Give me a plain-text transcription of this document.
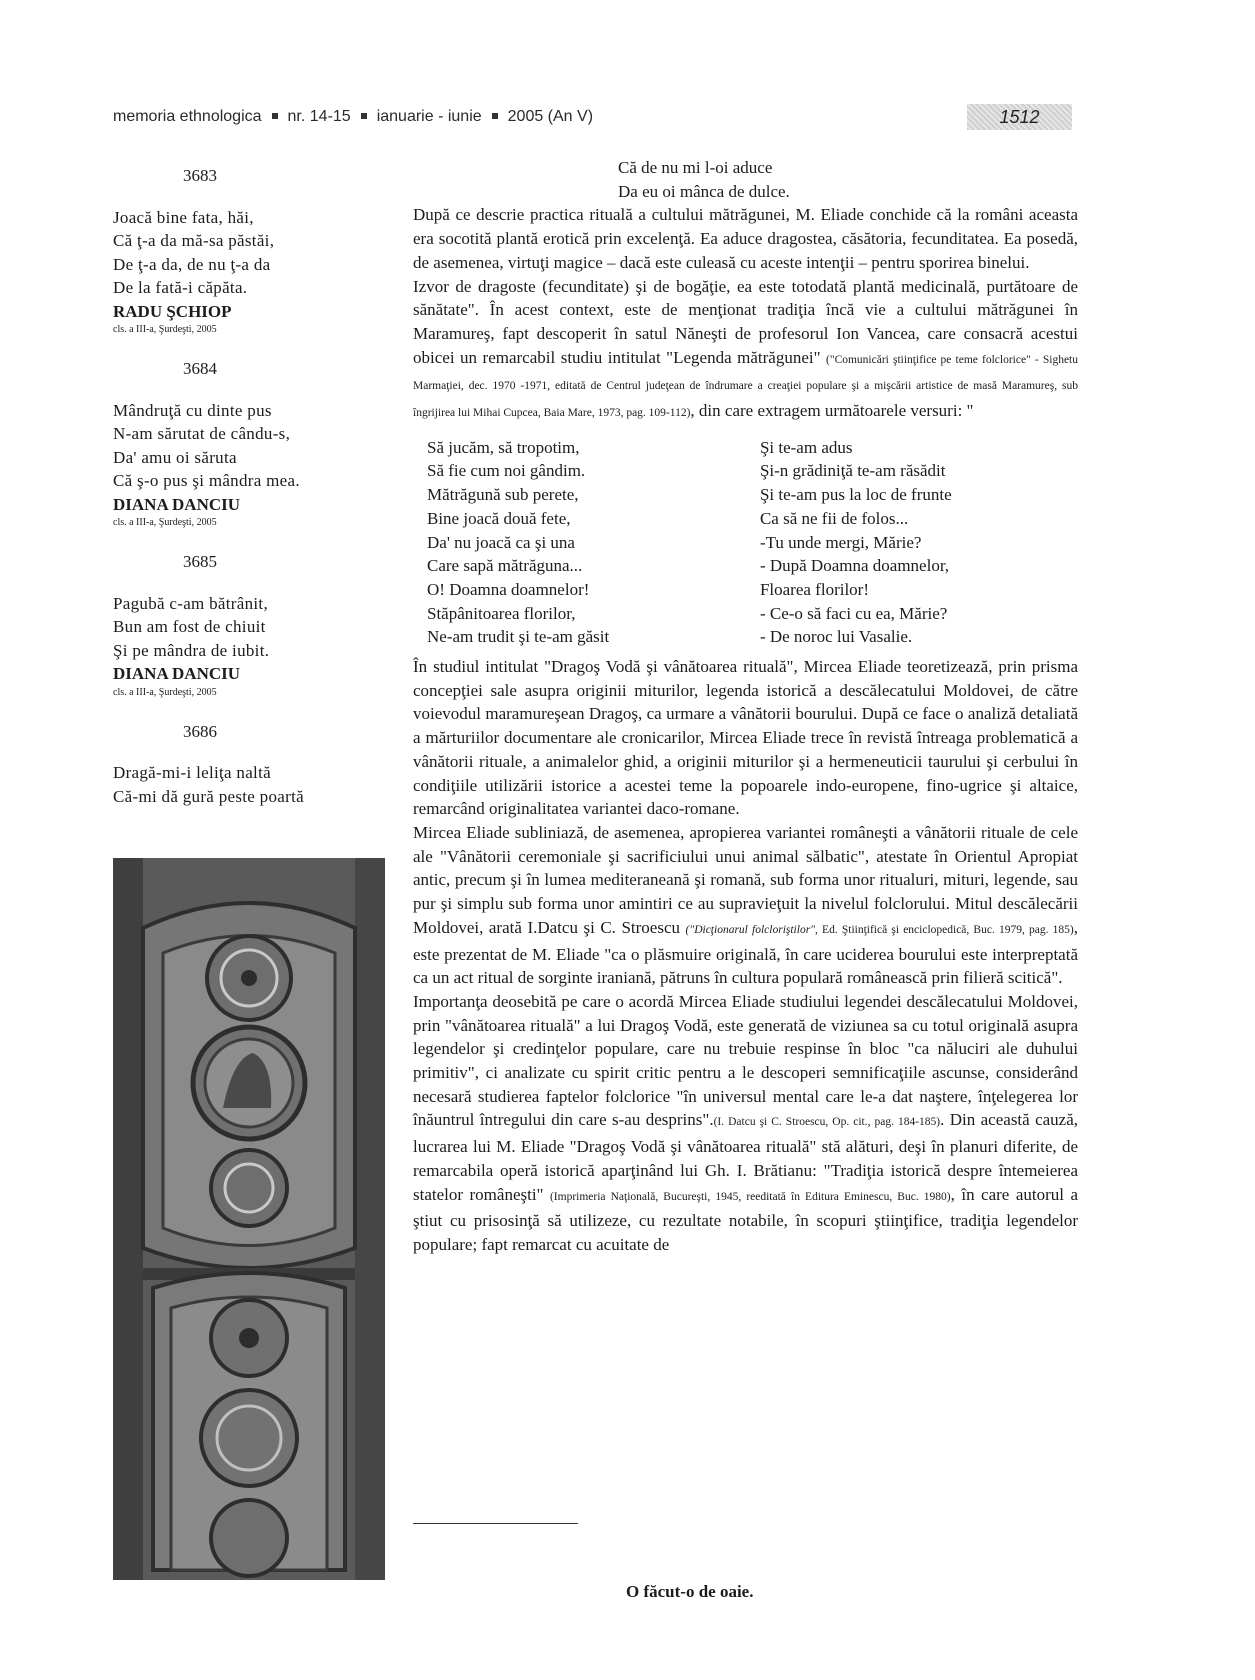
memoria ethnologica nr. 14-15 ianuarie - iunie 2005 (An V)	1512
3683
Joacă bine fata, hăi,
Că ţ-a da mă-sa păstăi,
De ţ-a da, de nu ţ-a da
De la fată-i căpăta.
RADU ŞCHIOP
cls. a III-a, Şurdeşti, 2005
3684
Mândruţă cu dinte pus
N-am sărutat de cându-s,
Da' amu oi săruta
Că ş-o pus şi mândra mea.
DIANA DANCIU
cls. a III-a, Şurdeşti, 2005
3685
Pagubă c-am bătrânit,
Bun am fost de chiuit
Şi pe mândra de iubit.
DIANA DANCIU
cls. a III-a, Şurdeşti, 2005
3686
Dragă-mi-i leliţa naltă
Că-mi dă gură peste poartă
Că de nu mi l-oi aduce
Da eu oi mânca de dulce.

După ce descrie practica rituală a cultului mătrăgunei, M. Eliade conchide că la români aceasta era socotită plantă erotică prin excelenţă. Ea aduce dragostea, căsătoria, fecunditatea. Ea posedă, de asemenea, virtuţi magice – dacă este culeasă cu aceste intenţii – pentru sporirea binelui.

Izvor de dragoste (fecunditate) şi de bogăţie, ea este totodată plantă medicinală, purtătoare de sănătate". În acest context, este de menţionat tradiţia încă vie a cultului mătrăgunei în Maramureş, fapt descoperit în satul Năneşti de profesorul Ion Vancea, care consacră acestui obicei un remarcabil studiu intitulat "Legenda mătrăgunei" ("Comunicări ştiinţifice pe teme folclorice" - Sighetu Marmaţiei, dec. 1970 -1971, editată de Centrul judeţean de îndrumare a creaţiei populare şi a mişcării artistice de masă Maramureş, sub îngrijirea lui Mihai Cupcea, Baia Mare, 1973, pag. 109-112), din care extragem următoarele versuri: "

Să jucăm, să tropotim,
Să fie cum noi gândim.
Mătrăgună sub perete,
Bine joacă două fete,
Da' nu joacă ca şi una
Care sapă mătrăguna...
O! Doamna doamnelor!
Stăpânitoarea florilor,
Ne-am trudit şi te-am găsit
Şi te-am adus
Şi-n grădiniţă te-am răsădit
Şi te-am pus la loc de frunte
Ca să ne fii de folos...
-Tu unde mergi, Mărie?
- După Doamna doamnelor,
Floarea florilor!
- Ce-o să faci cu ea, Mărie?
- De noroc lui Vasalie.

În studiul intitulat "Dragoş Vodă şi vânătoarea rituală", Mircea Eliade teoretizează, prin prisma concepţiei sale asupra originii miturilor, legenda istorică a descălecatului Moldovei, de către voievodul maramureşean Dragoş, ca urmare a vânătorii bourului. După ce face o analiză detaliată a mărturiilor documentare ale cronicarilor, Mircea Eliade trece în revistă întreaga problematică a vânătorii rituale, a animalelor ghid, a originii miturilor şi a hermeneuticii taurului şi cerbului în condiţiile utilizării istorice a acestei teme la popoarele indo-europene, fino-ugrice şi altaice, remarcând originalitatea variantei daco-romane.

Mircea Eliade subliniază, de asemenea, apropierea variantei româneşti a vânătorii rituale de cele ale "Vânătorii ceremoniale şi sacrificiului unui animal sălbatic", atestate în Orientul Apropiat antic, precum şi în lumea mediteraneană şi romană, sub forma unor ritualuri, mituri, legende, sau pur şi simplu sub forma unor amintiri ce au supravieţuit la nivelul folclorului. Mitul descălecării Moldovei, arată I.Datcu şi C. Stroescu ("Dicţionarul folcloriştilor", Ed. Ştiinţifică şi enciclopedică, Buc. 1979, pag. 185), este prezentat de M. Eliade "ca o plăsmuire originală, în care uciderea bourului este interpreptată ca un act ritual de sorginte iraniană, pătruns în cultura populară românească prin filieră scitică".

Importanţa deosebită pe care o acordă Mircea Eliade studiului legendei descălecatului Moldovei, prin "vânătoarea rituală" a lui Dragoş Vodă, este generată de viziunea sa cu totul originală asupra legendelor şi credinţelor populare, care nu trebuie respinse în bloc "ca năluciri ale duhului primitiv", ci analizate cu spirit critic pentru a le descoperi semnificaţiile ascunse, considerând necesară studierea faptelor folclorice "în universul mental care le-a dat naştere, înţelegerea lor înăuntrul întregului din care s-au desprins".(I. Datcu şi C. Stroescu, Op. cit., pag. 184-185). Din această cauză, lucrarea lui M. Eliade "Dragoş Vodă şi vânătoarea rituală" stă alături, deşi în planuri diferite, de remarcabila operă istorică aparţinând lui Gh. I. Brătianu: "Tradiţia istorică despre întemeierea statelor româneşti" (Imprimeria Naţională, Bucureşti, 1945, reeditată în Editura Eminescu, Buc. 1980), în care autorul a ştiut cu prisosinţă să utilizeze, cu rezultate notabile, în scopuri ştiinţifice, tradiţia legendelor populare; fapt remarcat cu acuitate de

O făcut-o de oaie.
